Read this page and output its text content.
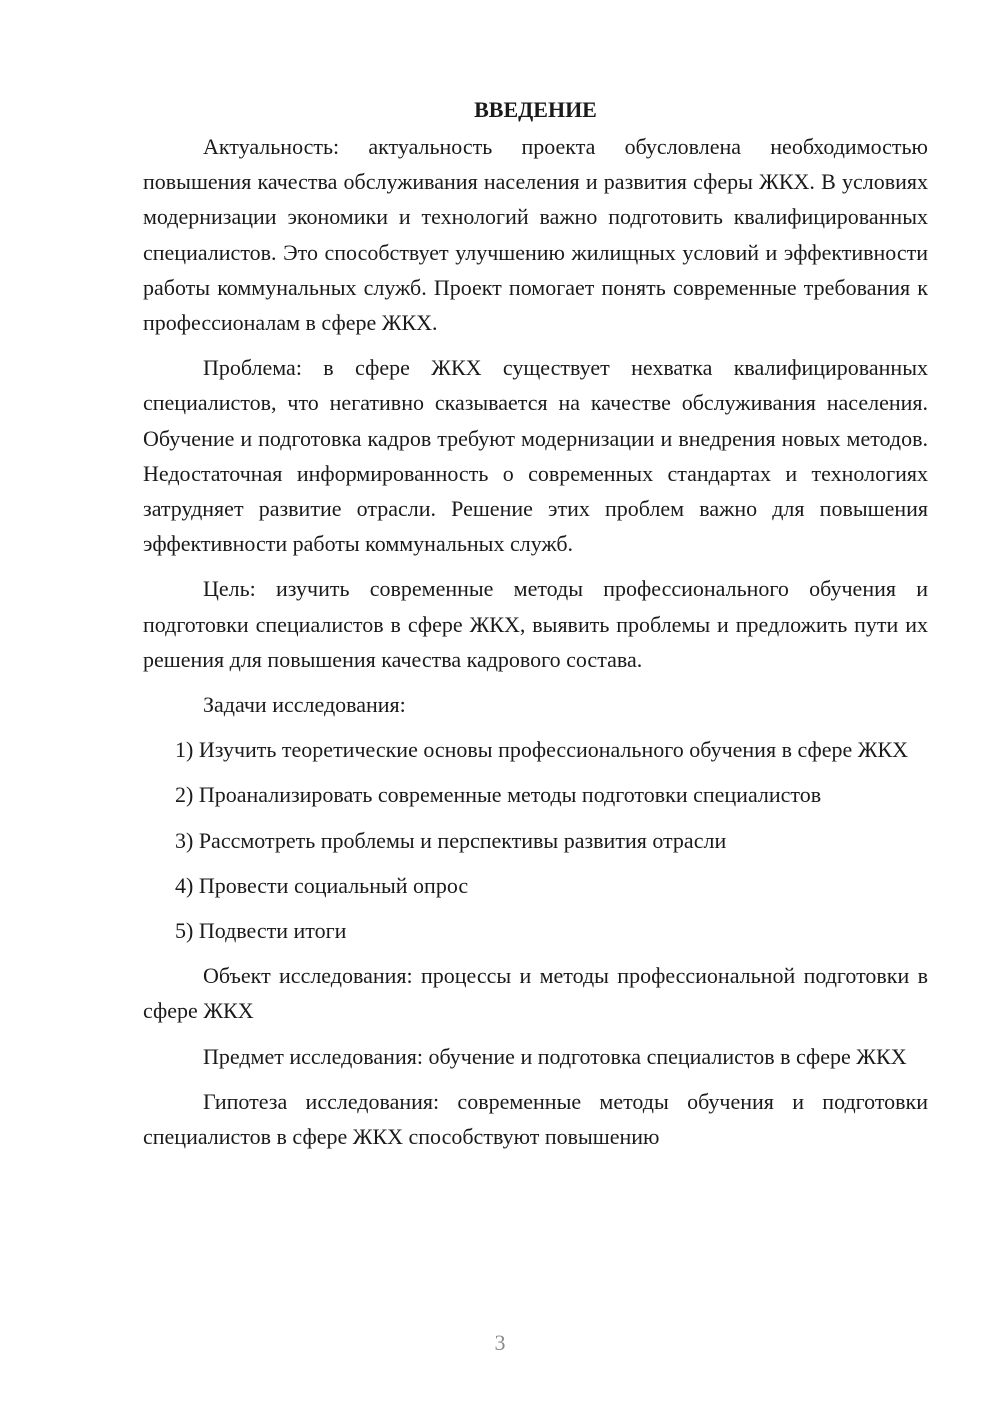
ВВЕДЕНИЕ

Актуальность: актуальность проекта обусловлена необходимостью повышения качества обслуживания населения и развития сферы ЖКХ. В условиях модернизации экономики и технологий важно подготовить квалифицированных специалистов. Это способствует улучшению жилищных условий и эффективности работы коммунальных служб. Проект помогает понять современные требования к профессионалам в сфере ЖКХ.

Проблема: в сфере ЖКХ существует нехватка квалифицированных специалистов, что негативно сказывается на качестве обслуживания населения. Обучение и подготовка кадров требуют модернизации и внедрения новых методов. Недостаточная информированность о современных стандартах и технологиях затрудняет развитие отрасли. Решение этих проблем важно для повышения эффективности работы коммунальных служб.

Цель: изучить современные методы профессионального обучения и подготовки специалистов в сфере ЖКХ, выявить проблемы и предложить пути их решения для повышения качества кадрового состава.

Задачи исследования:

1) Изучить теоретические основы профессионального обучения в сфере ЖКХ

2) Проанализировать современные методы подготовки специалистов

3) Рассмотреть проблемы и перспективы развития отрасли

4) Провести социальный опрос

5) Подвести итоги

Объект исследования: процессы и методы профессиональной подготовки в сфере ЖКХ

Предмет исследования: обучение и подготовка специалистов в сфере ЖКХ

Гипотеза исследования: современные методы обучения и подготовки специалистов в сфере ЖКХ способствуют повышению

3
